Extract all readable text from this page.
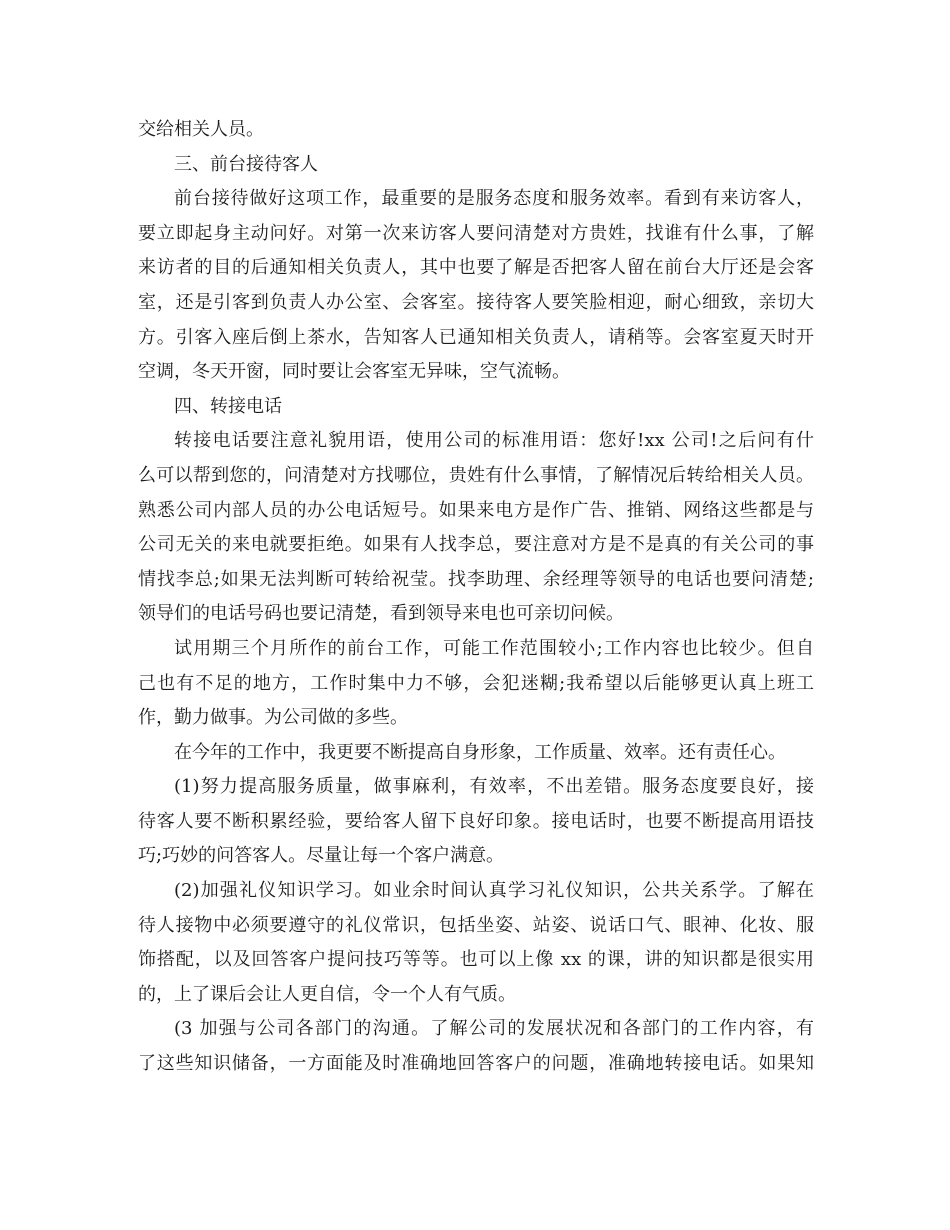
交给相关人员。
三、前台接待客人
前台接待做好这项工作，最重要的是服务态度和服务效率。看到有来访客人，
要立即起身主动问好。对第一次来访客人要问清楚对方贵姓，找谁有什么事，了解
来访者的目的后通知相关负责人，其中也要了解是否把客人留在前台大厅还是会客
室，还是引客到负责人办公室、会客室。接待客人要笑脸相迎，耐心细致，亲切大
方。引客入座后倒上茶水，告知客人已通知相关负责人，请稍等。会客室夏天时开
空调，冬天开窗，同时要让会客室无异味，空气流畅。
四、转接电话
转接电话要注意礼貌用语，使用公司的标准用语：您好!xx 公司!之后问有什
么可以帮到您的，问清楚对方找哪位，贵姓有什么事情，了解情况后转给相关人员。
熟悉公司内部人员的办公电话短号。如果来电方是作广告、推销、网络这些都是与
公司无关的来电就要拒绝。如果有人找李总，要注意对方是不是真的有关公司的事
情找李总;如果无法判断可转给祝莹。找李助理、余经理等领导的电话也要问清楚;
领导们的电话号码也要记清楚，看到领导来电也可亲切问候。
试用期三个月所作的前台工作，可能工作范围较小;工作内容也比较少。但自
己也有不足的地方，工作时集中力不够，会犯迷糊;我希望以后能够更认真上班工
作，勤力做事。为公司做的多些。
在今年的工作中，我更要不断提高自身形象，工作质量、效率。还有责任心。
(1)努力提高服务质量，做事麻利，有效率，不出差错。服务态度要良好，接
待客人要不断积累经验，要给客人留下良好印象。接电话时，也要不断提高用语技
巧;巧妙的问答客人。尽量让每一个客户满意。
(2)加强礼仪知识学习。如业余时间认真学习礼仪知识，公共关系学。了解在
待人接物中必须要遵守的礼仪常识，包括坐姿、站姿、说话口气、眼神、化妆、服
饰搭配，以及回答客户提问技巧等等。也可以上像 xx 的课，讲的知识都是很实用
的，上了课后会让人更自信，令一个人有气质。
(3 加强与公司各部门的沟通。了解公司的发展状况和各部门的工作内容，有
了这些知识储备，一方面能及时准确地回答客户的问题，准确地转接电话。如果知
